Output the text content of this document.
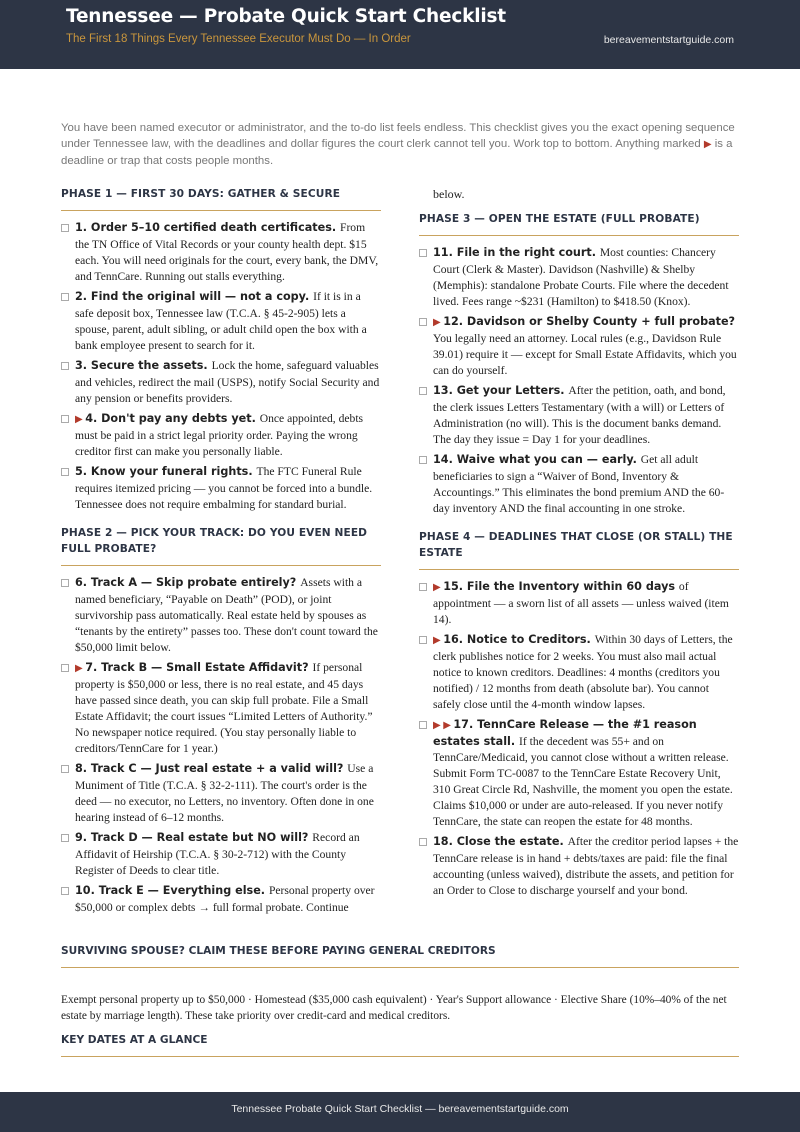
Tennessee — Probate Quick Start Checklist
The First 18 Things Every Tennessee Executor Must Do — In Order	bereavementstartguide.com
You have been named executor or administrator, and the to-do list feels endless. This checklist gives you the exact opening sequence under Tennessee law, with the deadlines and dollar figures the court clerk cannot tell you. Work top to bottom. Anything marked ▶ is a deadline or trap that costs people months.
PHASE 1 — FIRST 30 DAYS: GATHER & SECURE
1. Order 5–10 certified death certificates. From the TN Office of Vital Records or your county health dept. $15 each. You will need originals for the court, every bank, the DMV, and TennCare. Running out stalls everything.
2. Find the original will — not a copy. If it is in a safe deposit box, Tennessee law (T.C.A. § 45-2-905) lets a spouse, parent, adult sibling, or adult child open the box with a bank employee present to search for it.
3. Secure the assets. Lock the home, safeguard valuables and vehicles, redirect the mail (USPS), notify Social Security and any pension or benefits providers.
▶ 4. Don't pay any debts yet. Once appointed, debts must be paid in a strict legal priority order. Paying the wrong creditor first can make you personally liable.
5. Know your funeral rights. The FTC Funeral Rule requires itemized pricing — you cannot be forced into a bundle. Tennessee does not require embalming for standard burial.
PHASE 2 — PICK YOUR TRACK: DO YOU EVEN NEED FULL PROBATE?
6. Track A — Skip probate entirely? Assets with a named beneficiary, “Payable on Death” (POD), or joint survivorship pass automatically. Real estate held by spouses as “tenants by the entirety” passes too. These don't count toward the $50,000 limit below.
▶ 7. Track B — Small Estate Affidavit? If personal property is $50,000 or less, there is no real estate, and 45 days have passed since death, you can skip full probate. File a Small Estate Affidavit; the court issues “Limited Letters of Authority.” No newspaper notice required. (You stay personally liable to creditors/TennCare for 1 year.)
8. Track C — Just real estate + a valid will? Use a Muniment of Title (T.C.A. § 32-2-111). The court's order is the deed — no executor, no Letters, no inventory. Often done in one hearing instead of 6–12 months.
9. Track D — Real estate but NO will? Record an Affidavit of Heirship (T.C.A. § 30-2-712) with the County Register of Deeds to clear title.
10. Track E — Everything else. Personal property over $50,000 or complex debts → full formal probate. Continue
below.
PHASE 3 — OPEN THE ESTATE (FULL PROBATE)
11. File in the right court. Most counties: Chancery Court (Clerk & Master). Davidson (Nashville) & Shelby (Memphis): standalone Probate Courts. File where the decedent lived. Fees range ~$231 (Hamilton) to $418.50 (Knox).
▶ 12. Davidson or Shelby County + full probate? You legally need an attorney. Local rules (e.g., Davidson Rule 39.01) require it — except for Small Estate Affidavits, which you can do yourself.
13. Get your Letters. After the petition, oath, and bond, the clerk issues Letters Testamentary (with a will) or Letters of Administration (no will). This is the document banks demand. The day they issue = Day 1 for your deadlines.
14. Waive what you can — early. Get all adult beneficiaries to sign a “Waiver of Bond, Inventory & Accountings.” This eliminates the bond premium AND the 60-day inventory AND the final accounting in one stroke.
PHASE 4 — DEADLINES THAT CLOSE (OR STALL) THE ESTATE
▶ 15. File the Inventory within 60 days of appointment — a sworn list of all assets — unless waived (item 14).
▶ 16. Notice to Creditors. Within 30 days of Letters, the clerk publishes notice for 2 weeks. You must also mail actual notice to known creditors. Deadlines: 4 months (creditors you notified) / 12 months from death (absolute bar). You cannot safely close until the 4-month window lapses.
▶ ▶ 17. TennCare Release — the #1 reason estates stall. If the decedent was 55+ and on TennCare/Medicaid, you cannot close without a written release. Submit Form TC-0087 to the TennCare Estate Recovery Unit, 310 Great Circle Rd, Nashville, the moment you open the estate. Claims $10,000 or under are auto-released. If you never notify TennCare, the state can reopen the estate for 48 months.
18. Close the estate. After the creditor period lapses + the TennCare release is in hand + debts/taxes are paid: file the final accounting (unless waived), distribute the assets, and petition for an Order to Close to discharge yourself and your bond.
SURVIVING SPOUSE? CLAIM THESE BEFORE PAYING GENERAL CREDITORS
Exempt personal property up to $50,000 · Homestead ($35,000 cash equivalent) · Year's Support allowance · Elective Share (10%–40% of the net estate by marriage length). These take priority over credit-card and medical creditors.
KEY DATES AT A GLANCE
Tennessee Probate Quick Start Checklist — bereavementstartguide.com
